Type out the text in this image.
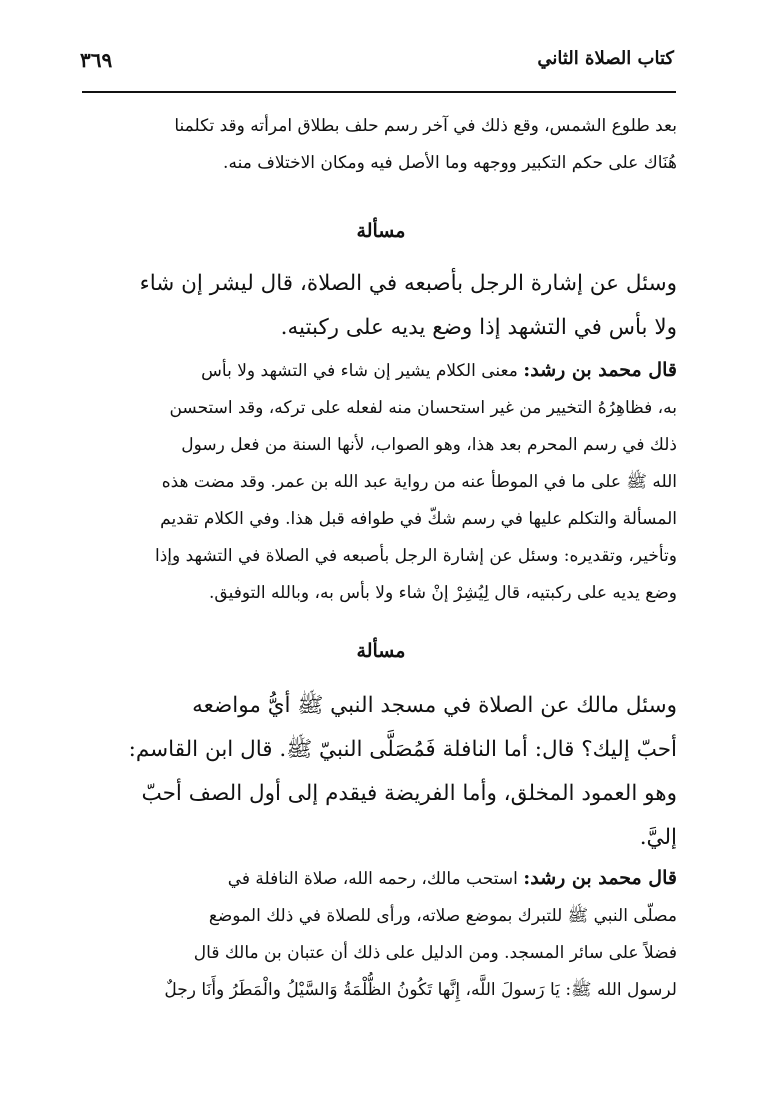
كتاب الصلاة الثاني
٣٦٩
بعد طلوع الشمس، وقع ذلك في آخر رسم حلف بطلاق امرأته وقد تكلمنا
هُنَاك على حكم التكبير ووجهه وما الأصل فيه ومكان الاختلاف منه.
مسألة
وسئل عن إشارة الرجل بأصبعه في الصلاة، قال ليشر إن شاء
ولا بأس في التشهد إذا وضع يديه على ركبتيه.
قال محمد بن رشد: معنى الكلام يشير إن شاء في التشهد ولا بأس
به، فظاهِرُهُ التخيير من غير استحسان منه لفعله على تركه، وقد استحسن
ذلك في رسم المحرم بعد هذا، وهو الصواب، لأنها السنة من فعل رسول
الله ﷺ على ما في الموطأ عنه من رواية عبد الله بن عمر. وقد مضت هذه
المسألة والتكلم عليها في رسم شكّ في طوافه قبل هذا. وفي الكلام تقديم
وتأخير، وتقديره: وسئل عن إشارة الرجل بأصبعه في الصلاة في التشهد وإذا
وضع يديه على ركبتيه، قال لِيُشِرْ إنْ شاء ولا بأس به، وبالله التوفيق.
مسألة
وسئل مالك عن الصلاة في مسجد النبي ﷺ أيُّ مواضعه
أحبّ إليك؟ قال: أما النافلة فَمُصَلَّى النبيّ ﷺ. قال ابن القاسم:
وهو العمود المخلق، وأما الفريضة فيقدم إلى أول الصف أحبّ
إليَّ.
قال محمد بن رشد: استحب مالك، رحمه الله، صلاة النافلة في
مصلّى النبي ﷺ للتبرك بموضع صلاته، ورأى للصلاة في ذلك الموضع
فضلاً على سائر المسجد. ومن الدليل على ذلك أن عتبان بن مالك قال
لرسول الله ﷺ: يَا رَسولَ اللَّه، إِنَّها تَكُونُ الظُّلْمَةُ وَالسَّيْلُ والْمَطَرُ وأَنَا رجلٌ
